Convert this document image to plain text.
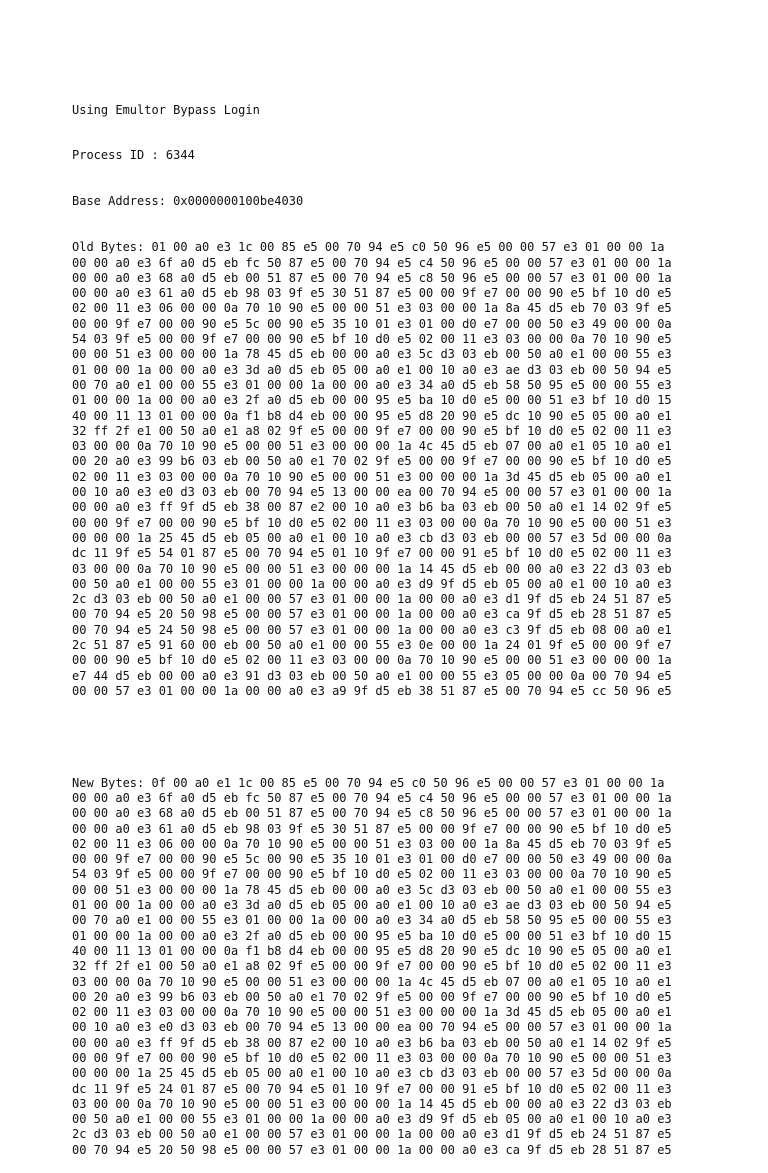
Using Emultor Bypass Login

Process ID : 6344

Base Address: 0x0000000100be4030

Old Bytes: 01 00 a0 e3 1c 00 85 e5 00 70 94 e5 c0 50 96 e5 00 00 57 e3 01 00 00 1a
00 00 a0 e3 6f a0 d5 eb fc 50 87 e5 00 70 94 e5 c4 50 96 e5 00 00 57 e3 01 00 00 1a
00 00 a0 e3 68 a0 d5 eb 00 51 87 e5 00 70 94 e5 c8 50 96 e5 00 00 57 e3 01 00 00 1a
00 00 a0 e3 61 a0 d5 eb 98 03 9f e5 30 51 87 e5 00 00 9f e7 00 00 90 e5 bf 10 d0 e5
02 00 11 e3 06 00 00 0a 70 10 90 e5 00 00 51 e3 03 00 00 1a 8a 45 d5 eb 70 03 9f e5
00 00 9f e7 00 00 90 e5 5c 00 90 e5 35 10 01 e3 01 00 d0 e7 00 00 50 e3 49 00 00 0a
54 03 9f e5 00 00 9f e7 00 00 90 e5 bf 10 d0 e5 02 00 11 e3 03 00 00 0a 70 10 90 e5
00 00 51 e3 00 00 00 1a 78 45 d5 eb 00 00 a0 e3 5c d3 03 eb 00 50 a0 e1 00 00 55 e3
01 00 00 1a 00 00 a0 e3 3d a0 d5 eb 05 00 a0 e1 00 10 a0 e3 ae d3 03 eb 00 50 94 e5
00 70 a0 e1 00 00 55 e3 01 00 00 1a 00 00 a0 e3 34 a0 d5 eb 58 50 95 e5 00 00 55 e3
01 00 00 1a 00 00 a0 e3 2f a0 d5 eb 00 00 95 e5 ba 10 d0 e5 00 00 51 e3 bf 10 d0 15
40 00 11 13 01 00 00 0a f1 b8 d4 eb 00 00 95 e5 d8 20 90 e5 dc 10 90 e5 05 00 a0 e1
32 ff 2f e1 00 50 a0 e1 a8 02 9f e5 00 00 9f e7 00 00 90 e5 bf 10 d0 e5 02 00 11 e3
03 00 00 0a 70 10 90 e5 00 00 51 e3 00 00 00 1a 4c 45 d5 eb 07 00 a0 e1 05 10 a0 e1
00 20 a0 e3 99 b6 03 eb 00 50 a0 e1 70 02 9f e5 00 00 9f e7 00 00 90 e5 bf 10 d0 e5
02 00 11 e3 03 00 00 0a 70 10 90 e5 00 00 51 e3 00 00 00 1a 3d 45 d5 eb 05 00 a0 e1
00 10 a0 e3 e0 d3 03 eb 00 70 94 e5 13 00 00 ea 00 70 94 e5 00 00 57 e3 01 00 00 1a
00 00 a0 e3 ff 9f d5 eb 38 00 87 e2 00 10 a0 e3 b6 ba 03 eb 00 50 a0 e1 14 02 9f e5
00 00 9f e7 00 00 90 e5 bf 10 d0 e5 02 00 11 e3 03 00 00 0a 70 10 90 e5 00 00 51 e3
00 00 00 1a 25 45 d5 eb 05 00 a0 e1 00 10 a0 e3 cb d3 03 eb 00 00 57 e3 5d 00 00 0a
dc 11 9f e5 54 01 87 e5 00 70 94 e5 01 10 9f e7 00 00 91 e5 bf 10 d0 e5 02 00 11 e3
03 00 00 0a 70 10 90 e5 00 00 51 e3 00 00 00 1a 14 45 d5 eb 00 00 a0 e3 22 d3 03 eb
00 50 a0 e1 00 00 55 e3 01 00 00 1a 00 00 a0 e3 d9 9f d5 eb 05 00 a0 e1 00 10 a0 e3
2c d3 03 eb 00 50 a0 e1 00 00 57 e3 01 00 00 1a 00 00 a0 e3 d1 9f d5 eb 24 51 87 e5
00 70 94 e5 20 50 98 e5 00 00 57 e3 01 00 00 1a 00 00 a0 e3 ca 9f d5 eb 28 51 87 e5
00 70 94 e5 24 50 98 e5 00 00 57 e3 01 00 00 1a 00 00 a0 e3 c3 9f d5 eb 08 00 a0 e1
2c 51 87 e5 91 60 00 eb 00 50 a0 e1 00 00 55 e3 0e 00 00 1a 24 01 9f e5 00 00 9f e7
00 00 90 e5 bf 10 d0 e5 02 00 11 e3 03 00 00 0a 70 10 90 e5 00 00 51 e3 00 00 00 1a
e7 44 d5 eb 00 00 a0 e3 91 d3 03 eb 00 50 a0 e1 00 00 55 e3 05 00 00 0a 00 70 94 e5
00 00 57 e3 01 00 00 1a 00 00 a0 e3 a9 9f d5 eb 38 51 87 e5 00 70 94 e5 cc 50 96 e5

New Bytes: 0f 00 a0 e1 1c 00 85 e5 00 70 94 e5 c0 50 96 e5 00 00 57 e3 01 00 00 1a
00 00 a0 e3 6f a0 d5 eb fc 50 87 e5 00 70 94 e5 c4 50 96 e5 00 00 57 e3 01 00 00 1a
00 00 a0 e3 68 a0 d5 eb 00 51 87 e5 00 70 94 e5 c8 50 96 e5 00 00 57 e3 01 00 00 1a
00 00 a0 e3 61 a0 d5 eb 98 03 9f e5 30 51 87 e5 00 00 9f e7 00 00 90 e5 bf 10 d0 e5
02 00 11 e3 06 00 00 0a 70 10 90 e5 00 00 51 e3 03 00 00 1a 8a 45 d5 eb 70 03 9f e5
00 00 9f e7 00 00 90 e5 5c 00 90 e5 35 10 01 e3 01 00 d0 e7 00 00 50 e3 49 00 00 0a
54 03 9f e5 00 00 9f e7 00 00 90 e5 bf 10 d0 e5 02 00 11 e3 03 00 00 0a 70 10 90 e5
00 00 51 e3 00 00 00 1a 78 45 d5 eb 00 00 a0 e3 5c d3 03 eb 00 50 a0 e1 00 00 55 e3
01 00 00 1a 00 00 a0 e3 3d a0 d5 eb 05 00 a0 e1 00 10 a0 e3 ae d3 03 eb 00 50 94 e5
00 70 a0 e1 00 00 55 e3 01 00 00 1a 00 00 a0 e3 34 a0 d5 eb 58 50 95 e5 00 00 55 e3
01 00 00 1a 00 00 a0 e3 2f a0 d5 eb 00 00 95 e5 ba 10 d0 e5 00 00 51 e3 bf 10 d0 15
40 00 11 13 01 00 00 0a f1 b8 d4 eb 00 00 95 e5 d8 20 90 e5 dc 10 90 e5 05 00 a0 e1
32 ff 2f e1 00 50 a0 e1 a8 02 9f e5 00 00 9f e7 00 00 90 e5 bf 10 d0 e5 02 00 11 e3
03 00 00 0a 70 10 90 e5 00 00 51 e3 00 00 00 1a 4c 45 d5 eb 07 00 a0 e1 05 10 a0 e1
00 20 a0 e3 99 b6 03 eb 00 50 a0 e1 70 02 9f e5 00 00 9f e7 00 00 90 e5 bf 10 d0 e5
02 00 11 e3 03 00 00 0a 70 10 90 e5 00 00 51 e3 00 00 00 1a 3d 45 d5 eb 05 00 a0 e1
00 10 a0 e3 e0 d3 03 eb 00 70 94 e5 13 00 00 ea 00 70 94 e5 00 00 57 e3 01 00 00 1a
00 00 a0 e3 ff 9f d5 eb 38 00 87 e2 00 10 a0 e3 b6 ba 03 eb 00 50 a0 e1 14 02 9f e5
00 00 9f e7 00 00 90 e5 bf 10 d0 e5 02 00 11 e3 03 00 00 0a 70 10 90 e5 00 00 51 e3
00 00 00 1a 25 45 d5 eb 05 00 a0 e1 00 10 a0 e3 cb d3 03 eb 00 00 57 e3 5d 00 00 0a
dc 11 9f e5 24 01 87 e5 00 70 94 e5 01 10 9f e7 00 00 91 e5 bf 10 d0 e5 02 00 11 e3
03 00 00 0a 70 10 90 e5 00 00 51 e3 00 00 00 1a 14 45 d5 eb 00 00 a0 e3 22 d3 03 eb
00 50 a0 e1 00 00 55 e3 01 00 00 1a 00 00 a0 e3 d9 9f d5 eb 05 00 a0 e1 00 10 a0 e3
2c d3 03 eb 00 50 a0 e1 00 00 57 e3 01 00 00 1a 00 00 a0 e3 d1 9f d5 eb 24 51 87 e5
00 70 94 e5 20 50 98 e5 00 00 57 e3 01 00 00 1a 00 00 a0 e3 ca 9f d5 eb 28 51 87 e5
